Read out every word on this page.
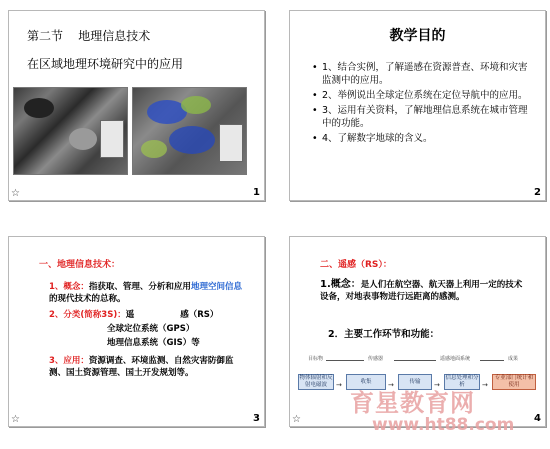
第二节    地理信息技术
在区域地理环境研究中的应用
☆	1
教学目的
• 1、结合实例，了解遥感在资源普查、环境和灾害监测中的应用。
• 2、举例说出全球定位系统在定位导航中的应用。
• 3、运用有关资料，了解地理信息系统在城市管理中的功能。
• 4、了解数字地球的含义。
2

一、地理信息技术：

1、概念：指获取、管理、分析和应用地理空间信息的现代技术的总称。

2、分类(简称3S)：遥	感（RS）

全球定位系统（GPS）

地理信息系统（GIS）等

3、应用：资源调查、环境监测、自然灾害防御监测、国土资源管理、国土开发规划等。

☆	3

二、遥感（RS）：

1.概念：是人们在航空器、航天器上利用一定的技术设备，对地表事物进行远距离的感测。

2．主要工作环节和功能：

目标物	传感器	遥感地面系统	成果
物体辐射和反射电磁波	→	收集	→	传输	→
信息处理和分析	→
专业部门统计和使用
☆	4
育星教育网
www.ht88.com
